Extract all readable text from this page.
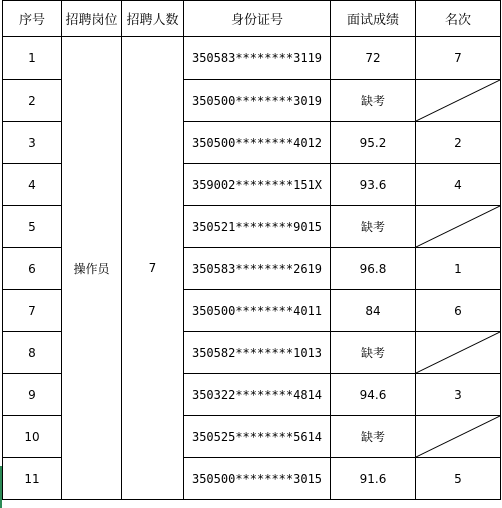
序号	招聘岗位	招聘人数	身份证号	面试成绩	名次
1	操作员	7	350583********3119	72	7
2			350500********3019	缺考	

3			350500********4012	95.2	2
4			359002********151X	93.6	4
5			350521********9015	缺考	

6			350583********2619	96.8	1
7			350500********4011	84	6
8			350582********1013	缺考	

9			350322********4814	94.6	3
10			350525********5614	缺考	

11			350500********3015	91.6	5
